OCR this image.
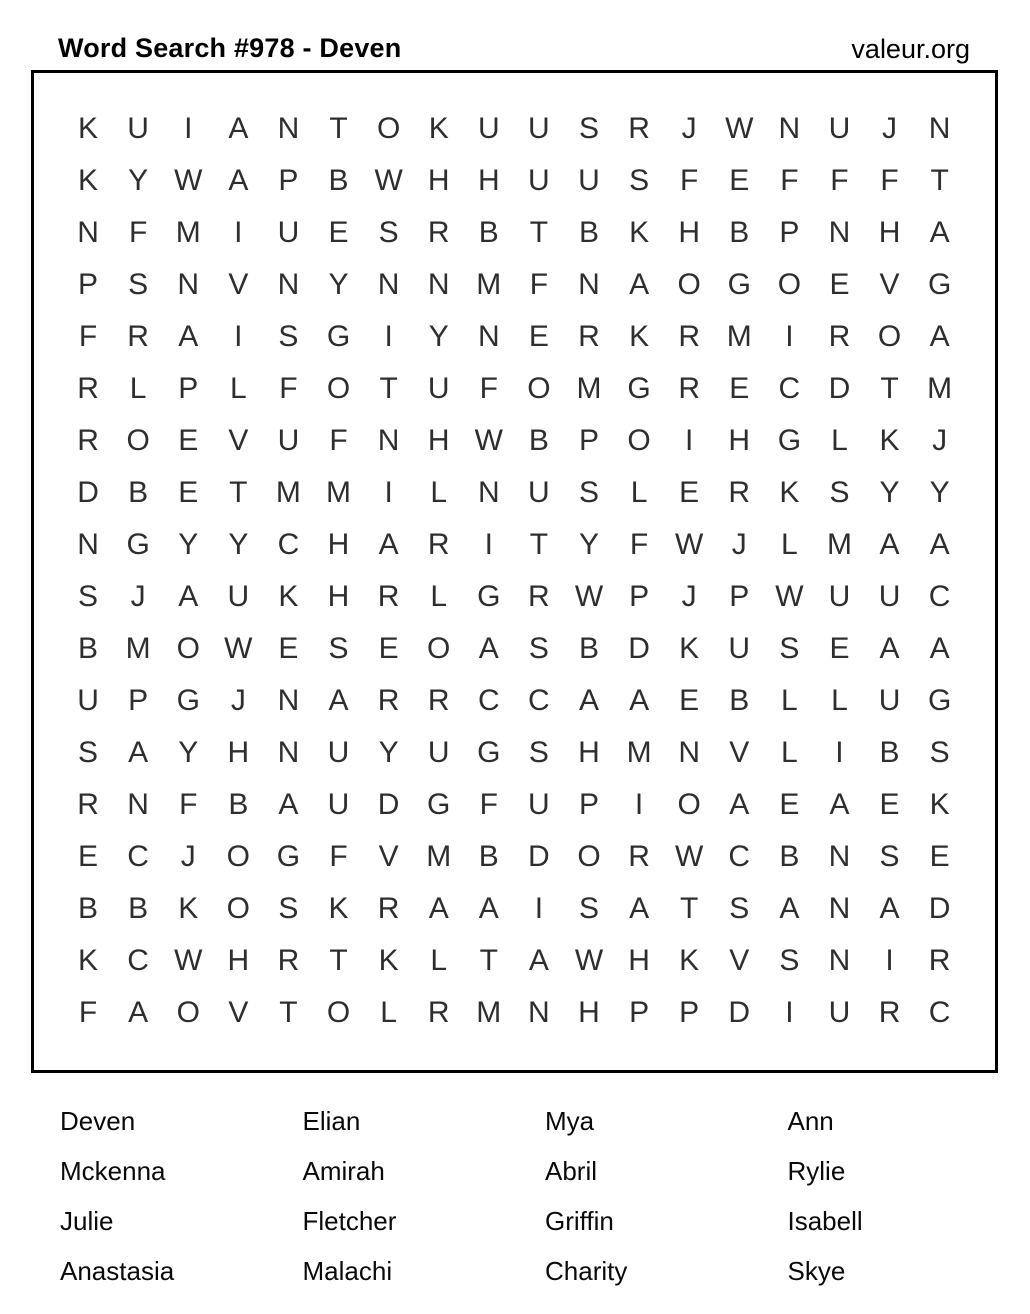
Word Search #978 - Deven	valeur.org
K U	I	A N	T O K U U S R	J W N U	J	N
K	Y W A	P	B W H H U U S	F	E	F	F	F	T
N	F M	I	U E	S R B	T	B	K H B	P N H A
P	S N V N Y N N M F	N A O G O E	V G
F	R A	I	S G	I	Y N E R K R M	I	R O A
R	L	P	L	F O T	U	F O M G R E C D	T M
R O E	V U	F	N H W B	P O	I	H G	L	K	J
D B	E	T M M	I	L	N U S	L	E R K	S	Y	Y
N G Y	Y C H A R	I	T	Y	F W J	L M A	A
S	J	A U K H R	L	G R W P	J	P W U U C
B M O W E	S	E O A	S	B D K U S	E	A	A
U P G	J	N A R R C C A	A	E	B	L	L	U G
S	A	Y H N U Y U G S H M N V	L	I	B	S
R N	F	B	A U D G F	U P	I	O A	E	A	E	K
E C	J	O G F	V M B D O R W C B N S	E
B	B	K O S	K R A	A	I	S	A	T	S	A N A D
K C W H R	T	K	L	T	A W H K	V	S N	I	R
F	A O V	T O	L	R M N H P	P D	I	U R C
Deven
Mckenna
Julie
Anastasia
Elian
Amirah
Fletcher
Malachi
Mya
Abril
Griffin
Charity
Ann
Rylie
Isabell
Skye
